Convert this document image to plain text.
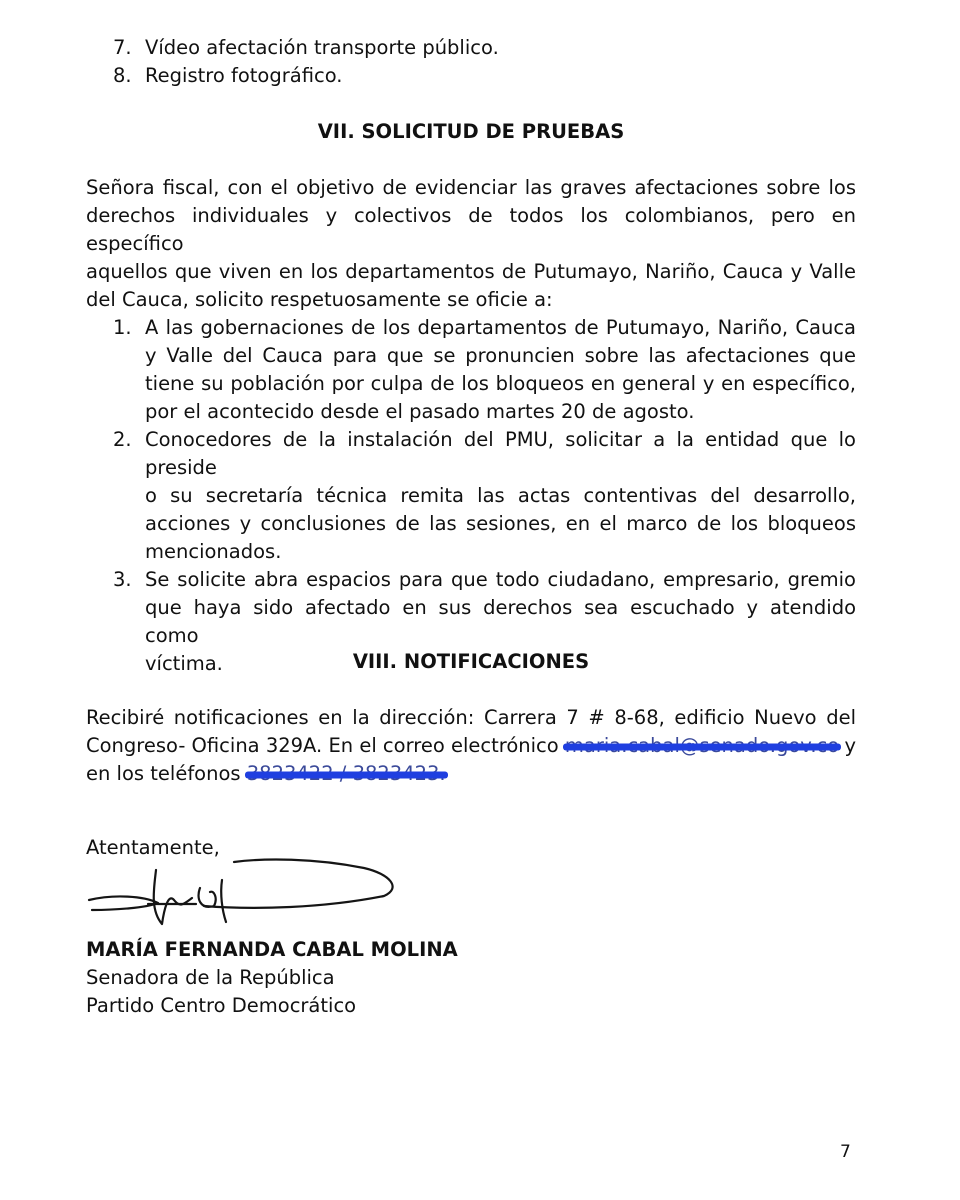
7. Vídeo afectación transporte público.
8. Registro fotográfico.
VII. SOLICITUD DE PRUEBAS
Señora fiscal, con el objetivo de evidenciar las graves afectaciones sobre los
derechos individuales y colectivos de todos los colombianos, pero en específico
aquellos que viven en los departamentos de Putumayo, Nariño, Cauca y Valle
del Cauca, solicito respetuosamente se oficie a:
1. A las gobernaciones de los departamentos de Putumayo, Nariño, Cauca
y Valle del Cauca para que se pronuncien sobre las afectaciones que
tiene su población por culpa de los bloqueos en general y en específico,
por el acontecido desde el pasado martes 20 de agosto.
2. Conocedores de la instalación del PMU, solicitar a la entidad que lo preside
o su secretaría técnica remita las actas contentivas del desarrollo,
acciones y conclusiones de las sesiones, en el marco de los bloqueos
mencionados.
3. Se solicite abra espacios para que todo ciudadano, empresario, gremio
que haya sido afectado en sus derechos sea escuchado y atendido como
víctima.	VIII. NOTIFICACIONES
Recibiré notificaciones en la dirección: Carrera 7 # 8-68, edificio Nuevo del
Congreso- Oficina 329A. En el correo electrónico	y
en los teléfonos
Atentamente,
MARÍA FERNANDA CABAL MOLINA
Senadora de la República
Partido Centro Democrático
7
